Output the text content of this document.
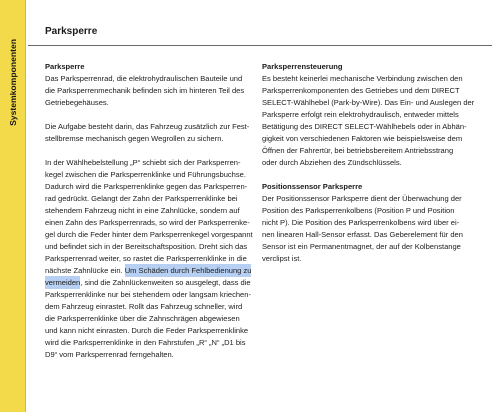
Systemkomponenten
Parksperre
Parksperre
Das Parksperrenrad, die elektrohydraulischen Bauteile und
die Parksperrenmechanik befinden sich im hinteren Teil des
Getriebegehäuses.
Die Aufgabe besteht darin, das Fahrzeug zusätzlich zur Fest-
stellbremse mechanisch gegen Wegrollen zu sichern.
In der Wählhebelstellung „P“ schiebt sich der Parksperren-
kegel zwischen die Parksperrenklinke und Führungsbuchse.
Dadurch wird die Parksperrenklinke gegen das Parksperren-
rad gedrückt. Gelangt der Zahn der Parksperrenklinke bei
stehendem Fahrzeug nicht in eine Zahnlücke, sondern auf
einen Zahn des Parksperrenrads, so wird der Parksperrenke-
gel durch die Feder hinter dem Parksperrenkegel vorgespannt
und befindet sich in der Bereitschaftsposition. Dreht sich das
Parksperrenrad weiter, so rastet die Parksperrenklinke in die
nächste Zahnlücke ein. Um Schäden durch Fehlbedienung zu
vermeiden, sind die Zahnlückenweiten so ausgelegt, dass die
Parksperrenklinke nur bei stehendem oder langsam kriechen-
dem Fahrzeug einrastet. Rollt das Fahrzeug schneller, wird
die Parksperrenklinke über die Zahnschrägen abgewiesen
und kann nicht einrasten. Durch die Feder Parksperrenklinke
wird die Parksperrenklinke in den Fahrstufen „R“ „N“ „D1 bis
D9“ vom Parksperrenrad ferngehalten.
Parksperrensteuerung
Es besteht keinerlei mechanische Verbindung zwischen den
Parksperrenkomponenten des Getriebes und dem DIRECT
SELECT-Wählhebel (Park-by-Wire). Das Ein- und Auslegen der
Parksperre erfolgt rein elektrohydraulisch, entweder mittels
Betätigung des DIRECT SELECT-Wählhebels oder in Abhän-
gigkeit von verschiedenen Faktoren wie beispielsweise dem
Öffnen der Fahrertür, bei betriebsbereitem Antriebsstrang
oder durch Abziehen des Zündschlüssels.
Positionssensor Parksperre
Der Positionssensor Parksperre dient der Überwachung der
Position des Parksperrenkolbens (Position P und Position
nicht P). Die Position des Parksperrenkolbens wird über ei-
nen linearen Hall-Sensor erfasst. Das Geberelement für den
Sensor ist ein Permanentmagnet, der auf der Kolbenstange
verclipst ist.
